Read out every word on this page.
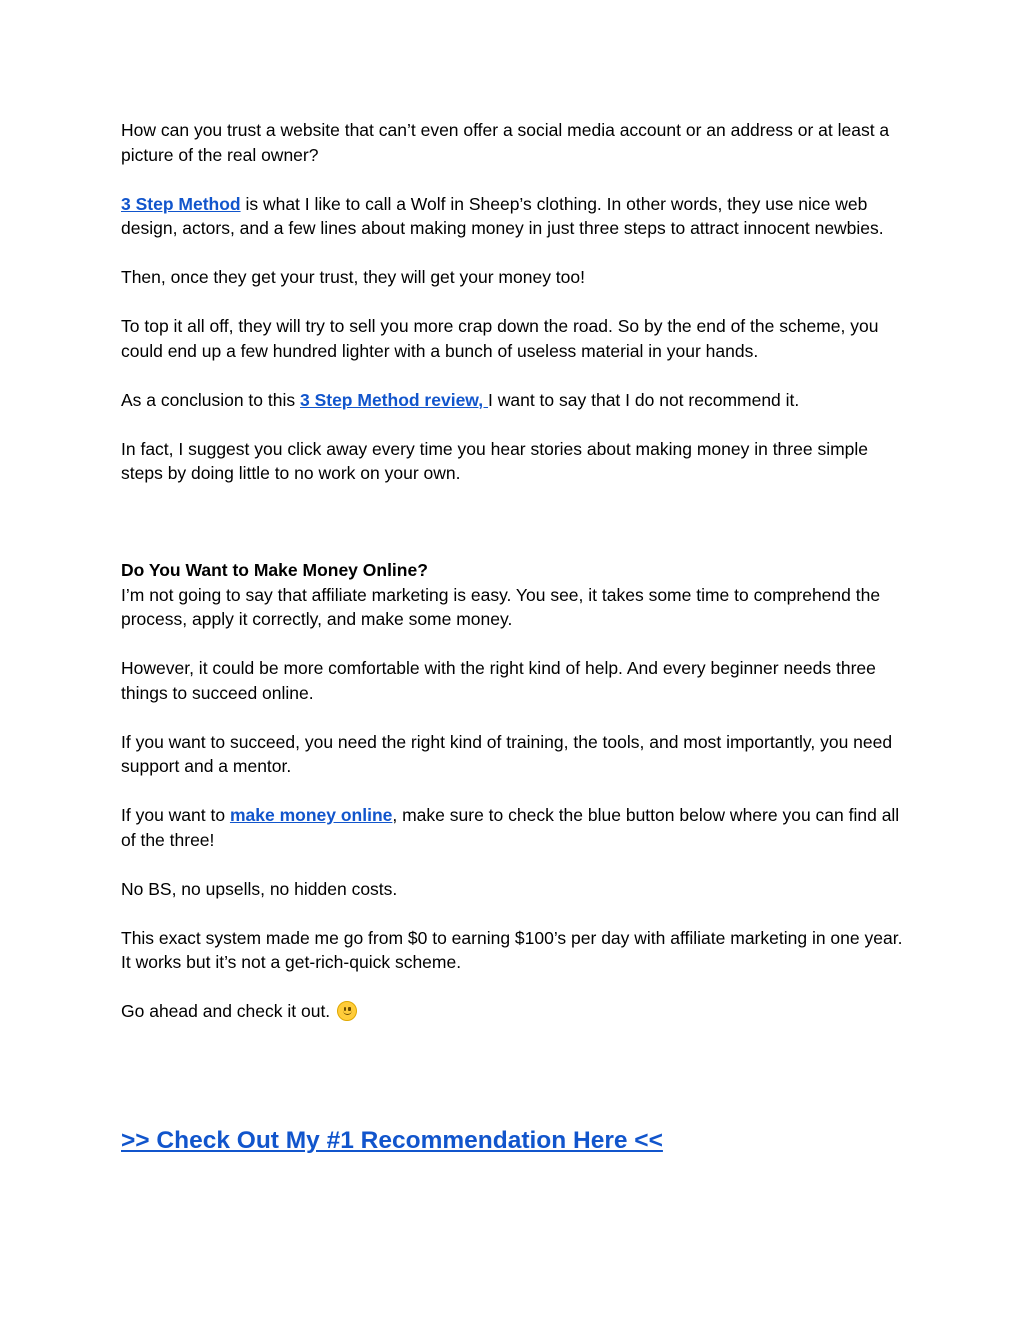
How can you trust a website that can’t even offer a social media account or an address or at least a picture of the real owner?

3 Step Method is what I like to call a Wolf in Sheep’s clothing. In other words, they use nice web design, actors, and a few lines about making money in just three steps to attract innocent newbies.

Then, once they get your trust, they will get your money too!

To top it all off, they will try to sell you more crap down the road. So by the end of the scheme, you could end up a few hundred lighter with a bunch of useless material in your hands.

As a conclusion to this 3 Step Method review, I want to say that I do not recommend it.

In fact, I suggest you click away every time you hear stories about making money in three simple steps by doing little to no work on your own.

Do You Want to Make Money Online?

I’m not going to say that affiliate marketing is easy. You see, it takes some time to comprehend the process, apply it correctly, and make some money.

However, it could be more comfortable with the right kind of help. And every beginner needs three things to succeed online.

If you want to succeed, you need the right kind of training, the tools, and most importantly, you need support and a mentor.

If you want to make money online, make sure to check the blue button below where you can find all of the three!

No BS, no upsells, no hidden costs.

This exact system made me go from $0 to earning $100’s per day with affiliate marketing in one year. It works but it’s not a get-rich-quick scheme.

Go ahead and check it out.

>> Check Out My #1 Recommendation Here <<
